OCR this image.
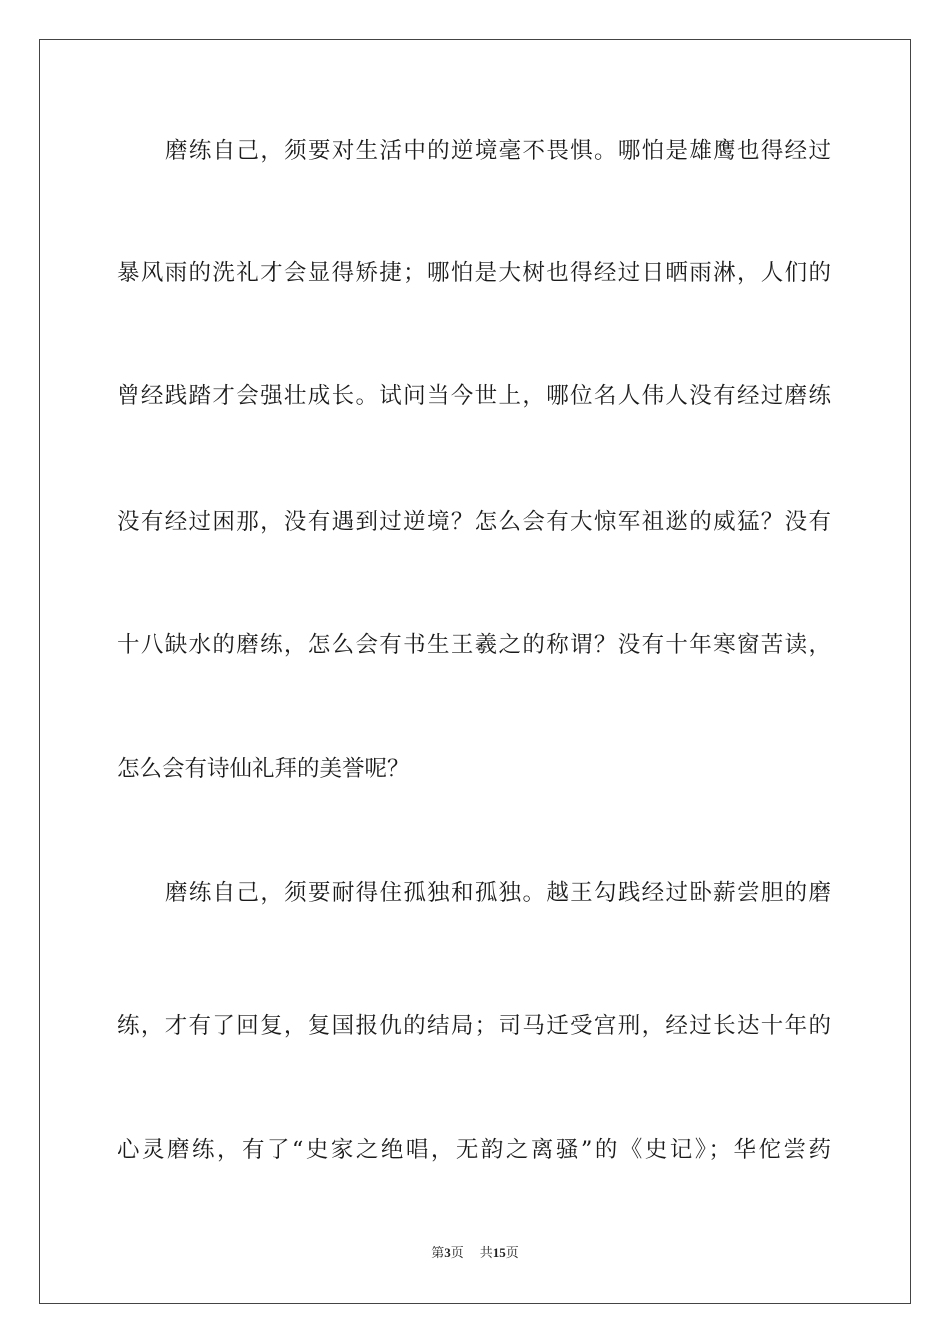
磨练自己，须要对生活中的逆境毫不畏惧。哪怕是雄鹰也得经过
暴风雨的洗礼才会显得矫捷；哪怕是大树也得经过日晒雨淋，人们的
曾经践踏才会强壮成长。试问当今世上，哪位名人伟人没有经过磨练
没有经过困那，没有遇到过逆境？怎么会有大惊军祖逖的威猛？没有
十八缺水的磨练，怎么会有书生王羲之的称谓？没有十年寒窗苦读，
怎么会有诗仙礼拜的美誉呢？
磨练自己，须要耐得住孤独和孤独。越王勾践经过卧薪尝胆的磨
练，才有了回复，复国报仇的结局；司马迁受宫刑，经过长达十年的
心灵磨练，有了“史家之绝唱，无韵之离骚”的《史记》；华佗尝药
第3页 共15页
